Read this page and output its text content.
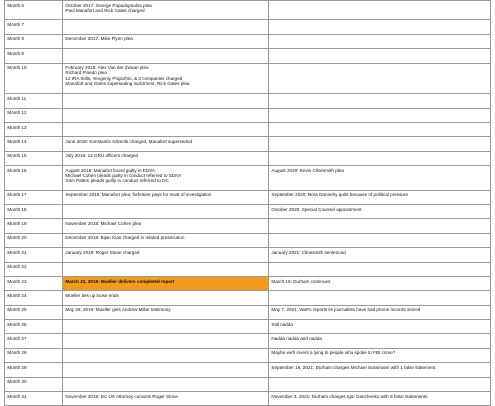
Month 6	October 2017: George Papadopoulos plea
Paul Manafort and Rick Gates charged	

Month 7		
Month 8	December 2017: Mike Flynn plea	

Month 9		
Month 10	February 2018: Alex Van der Zwaan plea
Richard Pinedo plea
12 IRA trolls, Yevgeniy Prigozhin, & 3 companies charged
Manafort and Gates superseding indictment; Rick Gates plea	

Month 11		
Month 12		
Month 13		
Month 14	June 2018: Konstantin Kilimnik charged, Manafort superseded	

Month 15	July 2018: 12 GRU officers charged	

Month 16	August 2018: Manafort found guilty in EDVA
Michael Cohen pleads guilty in conduct referred to SDNY
Sam Patten pleads guilty in conduct referred to DC	August 2020: Kevin Clinesmith plea

Month 17	September 2018: Manafort plea, forfeiture pays for most of investigation	September 2020: Nora Dannehy quits because of political pressure

Month 18		October 2020: Special Counsel appointment

Month 19	November 2018: Michael Cohen plea	

Month 20	December 2018: Bijan Kian charged in related prosecution	

Month 21	January 2019: Roger Stone charged	January 2021: Clinesmith sentenced

Month 22		
Month 23	March 22, 2019: Mueller delivers completed report	March 18: Durham continues

Month 24	Mueller ties up loose ends	

Month 25	May 29, 2019: Mueller gets Andrew Miller testimony	May 7, 2021: WaPo reports its journalists have had phone records seized

Month 26		Still nadda

Month 27		Nadda nadda and nadda

Month 28		Maybe we'll invent a lying to people who spoke to FBI crime?

Month 29		September 16, 2021: Durham charges Michael Sussmann with 1 false statement

Month 30		
Month 31	November 2019: DC US Attorney convicts Roger Stone	November 3, 2021: Durham charges Igor Danchenko with 5 false statements
